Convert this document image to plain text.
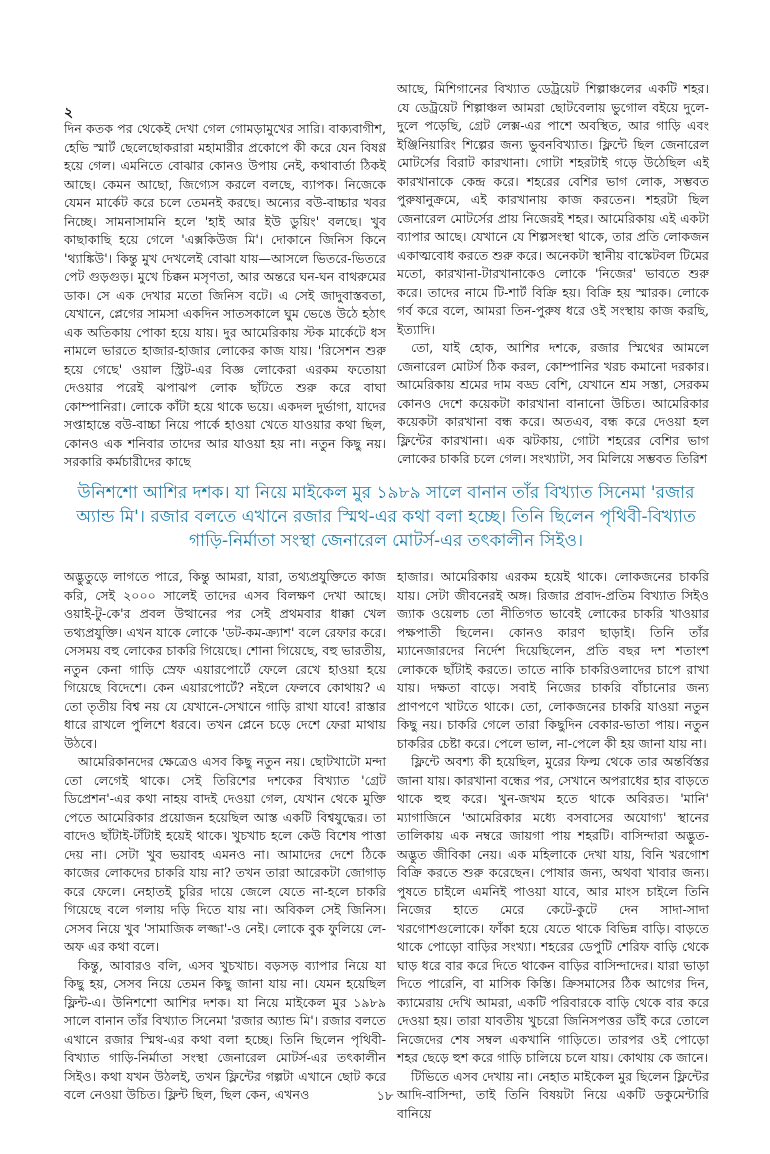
২

দিন কতক পর থেকেই দেখা গেল গোমড়ামুখের সারি। বাক্যবাগীশ, হেভি স্মার্ট ছেলেছোকরারা মহামারীর প্রকোপে কী করে যেন বিষণ্ণ হয়ে গেল। এমনিতে বোঝার কোনও উপায় নেই, কথাবার্তা ঠিকই আছে। কেমন আছো, জিগ্যেস করলে বলছে, ব্যাপক। নিজেকে যেমন মার্কেট করে চলে তেমনই করছে। অন্যের বউ-বাচ্চার খবর নিচ্ছে। সামনাসামনি হলে 'হাই আর ইউ ডুয়িং' বলছে। খুব কাছাকাছি হয়ে গেলে 'এক্সকিউজ মি'। দোকানে জিনিস কিনে 'থ্যাঙ্কিউ'। কিন্তু মুখ দেখলেই বোঝা যায়—আসলে ভিতরে-ভিতরে পেট গুড়গুড়। মুখে চিক্কন মসৃণতা, আর অন্তরে ঘন-ঘন বাথরুমের ডাক। সে এক দেখার মতো জিনিস বটে। এ সেই জাদুবাস্তবতা, যেখানে, প্লেগের সামসা একদিন সাতসকালে ঘুম ভেঙে উঠে হঠাৎ এক অতিকায় পোকা হয়ে যায়। দুর আমেরিকায় স্টক মার্কেটে ধস নামলে ভারতে হাজার-হাজার লোকের কাজ যায়। 'রিসেশন শুরু হয়ে গেছে' ওয়াল স্ট্রিট-এর বিজ্ঞ লোকেরা এরকম ফতোয়া দেওয়ার পরেই ঝপাঝপ লোক ছাঁটতে শুরু করে বাঘা কোম্পানিরা। লোকে কাঁটা হয়ে থাকে ভয়ে। একদল দুর্ভাগা, যাদের সপ্তাহান্তে বউ-বাচ্চা নিয়ে পার্কে হাওয়া খেতে যাওয়ার কথা ছিল, কোনও এক শনিবার তাদের আর যাওয়া হয় না। নতুন কিছু নয়। সরকারি কর্মচারীদের কাছে

আছে, মিশিগানের বিখ্যাত ডেট্রয়েট শিল্পাঞ্চলের একটি শহর। যে ডেট্রয়েট শিল্পাঞ্চল আমরা ছোটবেলায় ভুগোল বইয়ে দুলে-দুলে পড়েছি, গ্রেট লেক্স-এর পাশে অবস্থিত, আর গাড়ি এবং ইঞ্জিনিয়ারিং শিল্পের জন্য ভুবনবিখ্যাত। ফ্লিন্টে ছিল জেনারেল মোটর্সের বিরাট কারখানা। গোটা শহরটাই গড়ে উঠেছিল এই কারখানাকে কেন্দ্র করে। শহরের বেশির ভাগ লোক, সম্ভবত পুরুষানুক্রমে, এই কারখানায় কাজ করতেন। শহরটা ছিল জেনারেল মোটর্সের প্রায় নিজেরই শহর। আমেরিকায় এই একটা ব্যাপার আছে। যেখানে যে শিল্পসংস্থা থাকে, তার প্রতি লোকজন একাত্মবোধ করতে শুরু করে। অনেকটা স্থানীয় বাস্কেটবল টিমের মতো, কারখানা-টারখানাকেও লোকে 'নিজের' ভাবতে শুরু করে। তাদের নামে টি-শার্ট বিক্রি হয়। বিক্রি হয় স্মারক। লোকে গর্ব করে বলে, আমরা তিন-পুরুষ ধরে ওই সংস্থায় কাজ করছি, ইত্যাদি।

তো, যাই হোক, আশির দশকে, রজার স্মিথের আমলে জেনারেল মোটর্স ঠিক করল, কোম্পানির খরচ কমানো দরকার। আমেরিকায় শ্রমের দাম বড্ড বেশি, যেখানে শ্রম সস্তা, সেরকম কোনও দেশে কয়েকটা কারখানা বানানো উচিত। আমেরিকার কয়েকটা কারখানা বন্ধ করে। অতএব, বন্ধ করে দেওয়া হল ফ্লিন্টের কারখানা। এক ঝটকায়, গোটা শহরের বেশির ভাগ লোকের চাকরি চলে গেল। সংখ্যাটা, সব মিলিয়ে সম্ভবত তিরিশ

উনিশশো আশির দশক। যা নিয়ে মাইকেল মুর ১৯৮৯ সালে বানান তাঁর বিখ্যাত সিনেমা 'রজার অ্যান্ড মি'। রজার বলতে এখানে রজার স্মিথ-এর কথা বলা হচ্ছে। তিনি ছিলেন পৃথিবী-বিখ্যাত গাড়ি-নির্মাতা সংস্থা জেনারেল মোটর্স-এর তৎকালীন সিইও।

অদ্ভুতুড়ে লাগতে পারে, কিন্তু আমরা, যারা, তথ্যপ্রযুক্তিতে কাজ করি, সেই ২০০০ সালেই তাদের এসব বিলক্ষণ দেখা আছে। ওয়াই-টু-কে'র প্রবল উত্থানের পর সেই প্রথমবার ধাক্কা খেল তথ্যপ্রযুক্তি। এখন যাকে লোকে 'ডট-কম-ক্র্যাশ' বলে রেফার করে। সেসময় বহু লোকের চাকরি গিয়েছে। শোনা গিয়েছে, বহু ভারতীয়, নতুন কেনা গাড়ি স্রেফ এয়ারপোর্টে ফেলে রেখে হাওয়া হয়ে গিয়েছে বিদেশে। কেন এয়ারপোর্টে? নইলে ফেলবে কোথায়? এ তো তৃতীয় বিশ্ব নয় যে যেখানে-সেখানে গাড়ি রাখা যাবে! রাস্তার ধারে রাখলে পুলিশে ধরবে। তখন প্লেনে চড়ে দেশে ফেরা মাথায় উঠবে।

আমেরিকানদের ক্ষেত্রেও এসব কিছু নতুন নয়। ছোটখাটো মন্দা তো লেগেই থাকে। সেই তিরিশের দশকের বিখ্যাত 'গ্রেট ডিপ্রেশন'-এর কথা নাহয় বাদই দেওয়া গেল, যেখান থেকে মুক্তি পেতে আমেরিকার প্রয়োজন হয়েছিল আস্ত একটি বিশ্বযুদ্ধের। তা বাদেও ছাঁটাই-টাঁটাই হয়েই থাকে। খুচখাচ হলে কেউ বিশেষ পাত্তা দেয় না। সেটা খুব ভয়াবহ এমনও না। আমাদের দেশে ঠিকে কাজের লোকদের চাকরি যায় না? তখন তারা আরেকটা জোগাড় করে ফেলে। নেহাতই চুরির দায়ে জেলে যেতে না-হলে চাকরি গিয়েছে বলে গলায় দড়ি দিতে যায় না। অবিকল সেই জিনিস। সেসব নিয়ে খুব 'সামাজিক লজ্জা'-ও নেই। লোকে বুক ফুলিয়ে লে-অফ এর কথা বলে।

কিন্তু, আবারও বলি, এসব খুচখাচ। বড়সড় ব্যাপার নিয়ে যা কিছু হয়, সেসব নিয়ে তেমন কিছু জানা যায় না। যেমন হয়েছিল ফ্লিন্ট-এ। উনিশশো আশির দশক। যা নিয়ে মাইকেল মুর ১৯৮৯ সালে বানান তাঁর বিখ্যাত সিনেমা 'রজার অ্যান্ড মি'। রজার বলতে এখানে রজার স্মিথ-এর কথা বলা হচ্ছে। তিনি ছিলেন পৃথিবী-বিখ্যাত গাড়ি-নির্মাতা সংস্থা জেনারেল মোটর্স-এর তৎকালীন সিইও। কথা যখন উঠলই, তখন ফ্লিন্টের গল্পটা এখানে ছোট করে বলে নেওয়া উচিত। ফ্লিন্ট ছিল, ছিল কেন, এখনও

হাজার। আমেরিকায় এরকম হয়েই থাকে। লোকজনের চাকরি যায়। সেটা জীবনেরই অঙ্গ। রিজার প্রবাদ-প্রতিম বিখ্যাত সিইও জ্যাক ওয়েলচ তো নীতিগত ভাবেই লোকের চাকরি খাওয়ার পক্ষপাতী ছিলেন। কোনও কারণ ছাড়াই। তিনি তাঁর ম্যানেজারদের নির্দেশ দিয়েছিলেন, প্রতি বছর দশ শতাংশ লোককে ছাঁটাই করতে। তাতে নাকি চাকরিওলাদের চাপে রাখা যায়। দক্ষতা বাড়ে। সবাই নিজের চাকরি বাঁচানোর জন্য প্রাণপণে খাটতে থাকে। তো, লোকজনের চাকরি যাওয়া নতুন কিছু নয়। চাকরি গেলে তারা কিছুদিন বেকার-ভাতা পায়। নতুন চাকরির চেষ্টা করে। পেলে ভাল, না-পেলে কী হয় জানা যায় না।

ফ্লিন্টে অবশ্য কী হয়েছিল, মুরের ফিল্ম থেকে তার অন্তর্বিস্তর জানা যায়। কারখানা বন্ধের পর, সেখানে অপরাধের হার বাড়তে থাকে হুহু করে। খুন-জখম হতে থাকে অবিরত। 'মানি' ম্যাগাজিনে 'আমেরিকার মধ্যে বসবাসের অযোগ্য' স্থানের তালিকায় এক নম্বরে জায়গা পায় শহরটি। বাসিন্দারা অদ্ভুত-অদ্ভুত জীবিকা নেয়। এক মহিলাকে দেখা যায়, বিনি খরগোশ বিক্রি করতে শুরু করেছেন। পোষার জন্য, অথবা খাবার জন্য। পুষতে চাইলে এমনিই পাওয়া যাবে, আর মাংস চাইলে তিনি নিজের হাতে মেরে কেটে-কুটে দেন সাদা-সাদা খরগোশগুলোকে। ফাঁকা হয়ে যেতে থাকে বিভিন্ন বাড়ি। বাড়তে থাকে পোড়ো বাড়ির সংখ্যা। শহরের ডেপুটি শেরিফ বাড়ি থেকে ঘাড় ধরে বার করে দিতে থাকেন বাড়ির বাসিন্দাদের। যারা ভাড়া দিতে পারেনি, বা মাসিক কিস্তি। ক্রিসমাসের ঠিক আগের দিন, ক্যামেরায় দেখি আমরা, একটি পরিবারকে বাড়ি থেকে বার করে দেওয়া হয়। তারা যাবতীয় খুচরো জিনিসপত্তর ডাঁই করে তোলে নিজেদের শেষ সম্বল একখানি গাড়িতে। তারপর ওই পোড়ো শহর ছেড়ে হুশ করে গাড়ি চালিয়ে চলে যায়। কোথায় কে জানে।

টিভিতে এসব দেখায় না। নেহাত মাইকেল মুর ছিলেন ফ্লিন্টের আদি-বাসিন্দা, তাই তিনি বিষয়টা নিয়ে একটি ডকুমেন্টারি বানিয়ে

১৮
